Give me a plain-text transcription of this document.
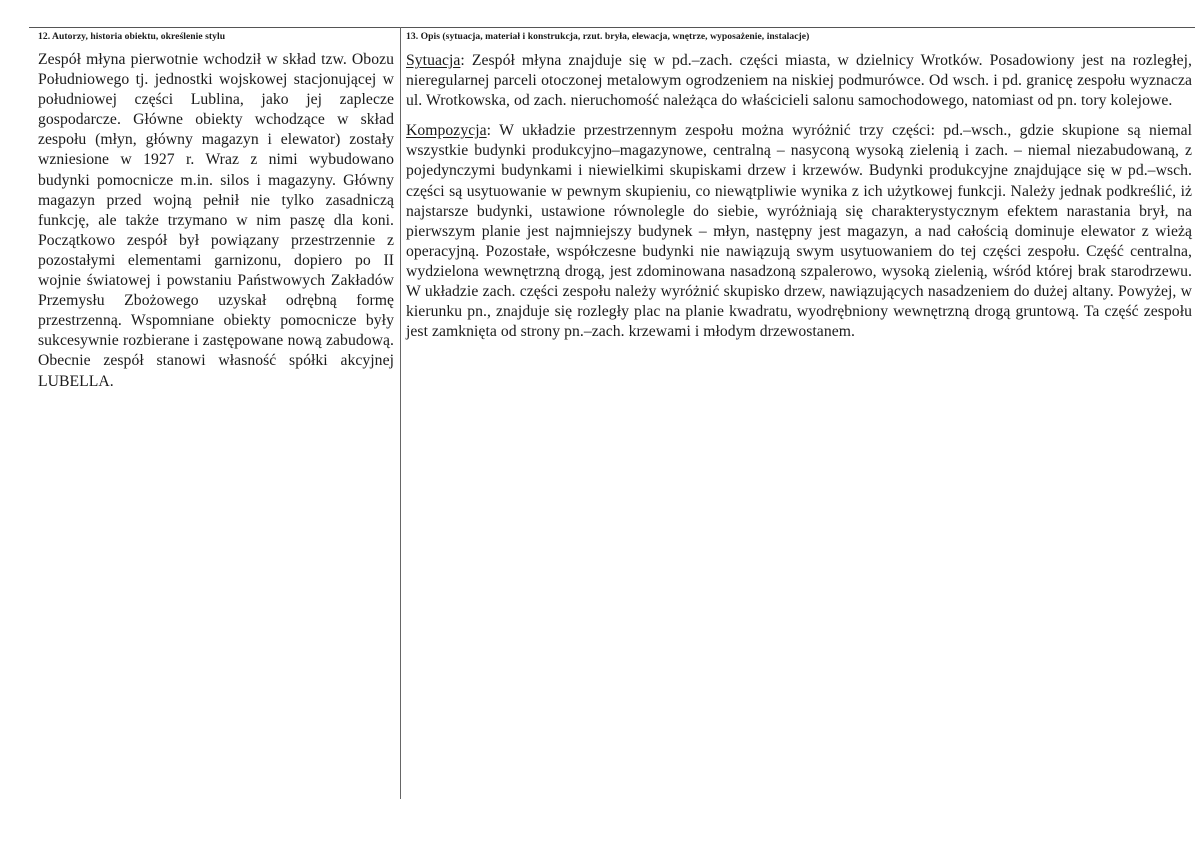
12. Autorzy, historia obiektu, określenie stylu

Zespół młyna pierwotnie wchodził w skład tzw. Obozu Południowego tj. jednostki wojskowej stacjonującej w południowej części Lublina, jako jej zaplecze gospodarcze. Główne obiekty wchodzące w skład zespołu (młyn, główny magazyn i elewator) zostały wzniesione w 1927 r. Wraz z nimi wybudowano budynki pomocnicze m.in. silos i magazyny. Główny magazyn przed wojną pełnił nie tylko zasadniczą funkcję, ale także trzymano w nim paszę dla koni. Początkowo zespół był powiązany przestrzennie z pozostałymi elementami garnizonu, dopiero po II wojnie światowej i powstaniu Państwowych Zakładów Przemysłu Zbożowego uzyskał odrębną formę przestrzenną. Wspomniane obiekty pomocnicze były sukcesywnie rozbierane i zastępowane nową zabudową. Obecnie zespół stanowi własność spółki akcyjnej LUBELLA.

13. Opis (sytuacja, materiał i konstrukcja, rzut. bryła, elewacja, wnętrze, wyposażenie, instalacje)

Sytuacja: Zespół młyna znajduje się w pd.–zach. części miasta, w dzielnicy Wrotków. Posadowiony jest na rozległej, nieregularnej parceli otoczonej metalowym ogrodzeniem na niskiej podmurówce. Od wsch. i pd. granicę zespołu wyznacza ul. Wrotkowska, od zach. nieruchomość należąca do właścicieli salonu samochodowego, natomiast od pn. tory kolejowe.

Kompozycja: W układzie przestrzennym zespołu można wyróżnić trzy części: pd.–wsch., gdzie skupione są niemal wszystkie budynki produkcyjno–magazynowe, centralną – nasyconą wysoką zielenią i zach. – niemal niezabudowaną, z pojedynczymi budynkami i niewielkimi skupiskami drzew i krzewów. Budynki produkcyjne znajdujące się w pd.–wsch. części są usytuowanie w pewnym skupieniu, co niewątpliwie wynika z ich użytkowej funkcji. Należy jednak podkreślić, iż najstarsze budynki, ustawione równolegle do siebie, wyróżniają się charakterystycznym efektem narastania brył, na pierwszym planie jest najmniejszy budynek – młyn, następny jest magazyn, a nad całością dominuje elewator z wieżą operacyjną. Pozostałe, współczesne budynki nie nawiązują swym usytuowaniem do tej części zespołu. Część centralna, wydzielona wewnętrzną drogą, jest zdominowana nasadzoną szpalerowo, wysoką zielenią, wśród której brak starodrzewu. W układzie zach. części zespołu należy wyróżnić skupisko drzew, nawiązujących nasadzeniem do dużej altany. Powyżej, w kierunku pn., znajduje się rozległy plac na planie kwadratu, wyodrębniony wewnętrzną drogą gruntową. Ta część zespołu jest zamknięta od strony pn.–zach. krzewami i młodym drzewostanem.
